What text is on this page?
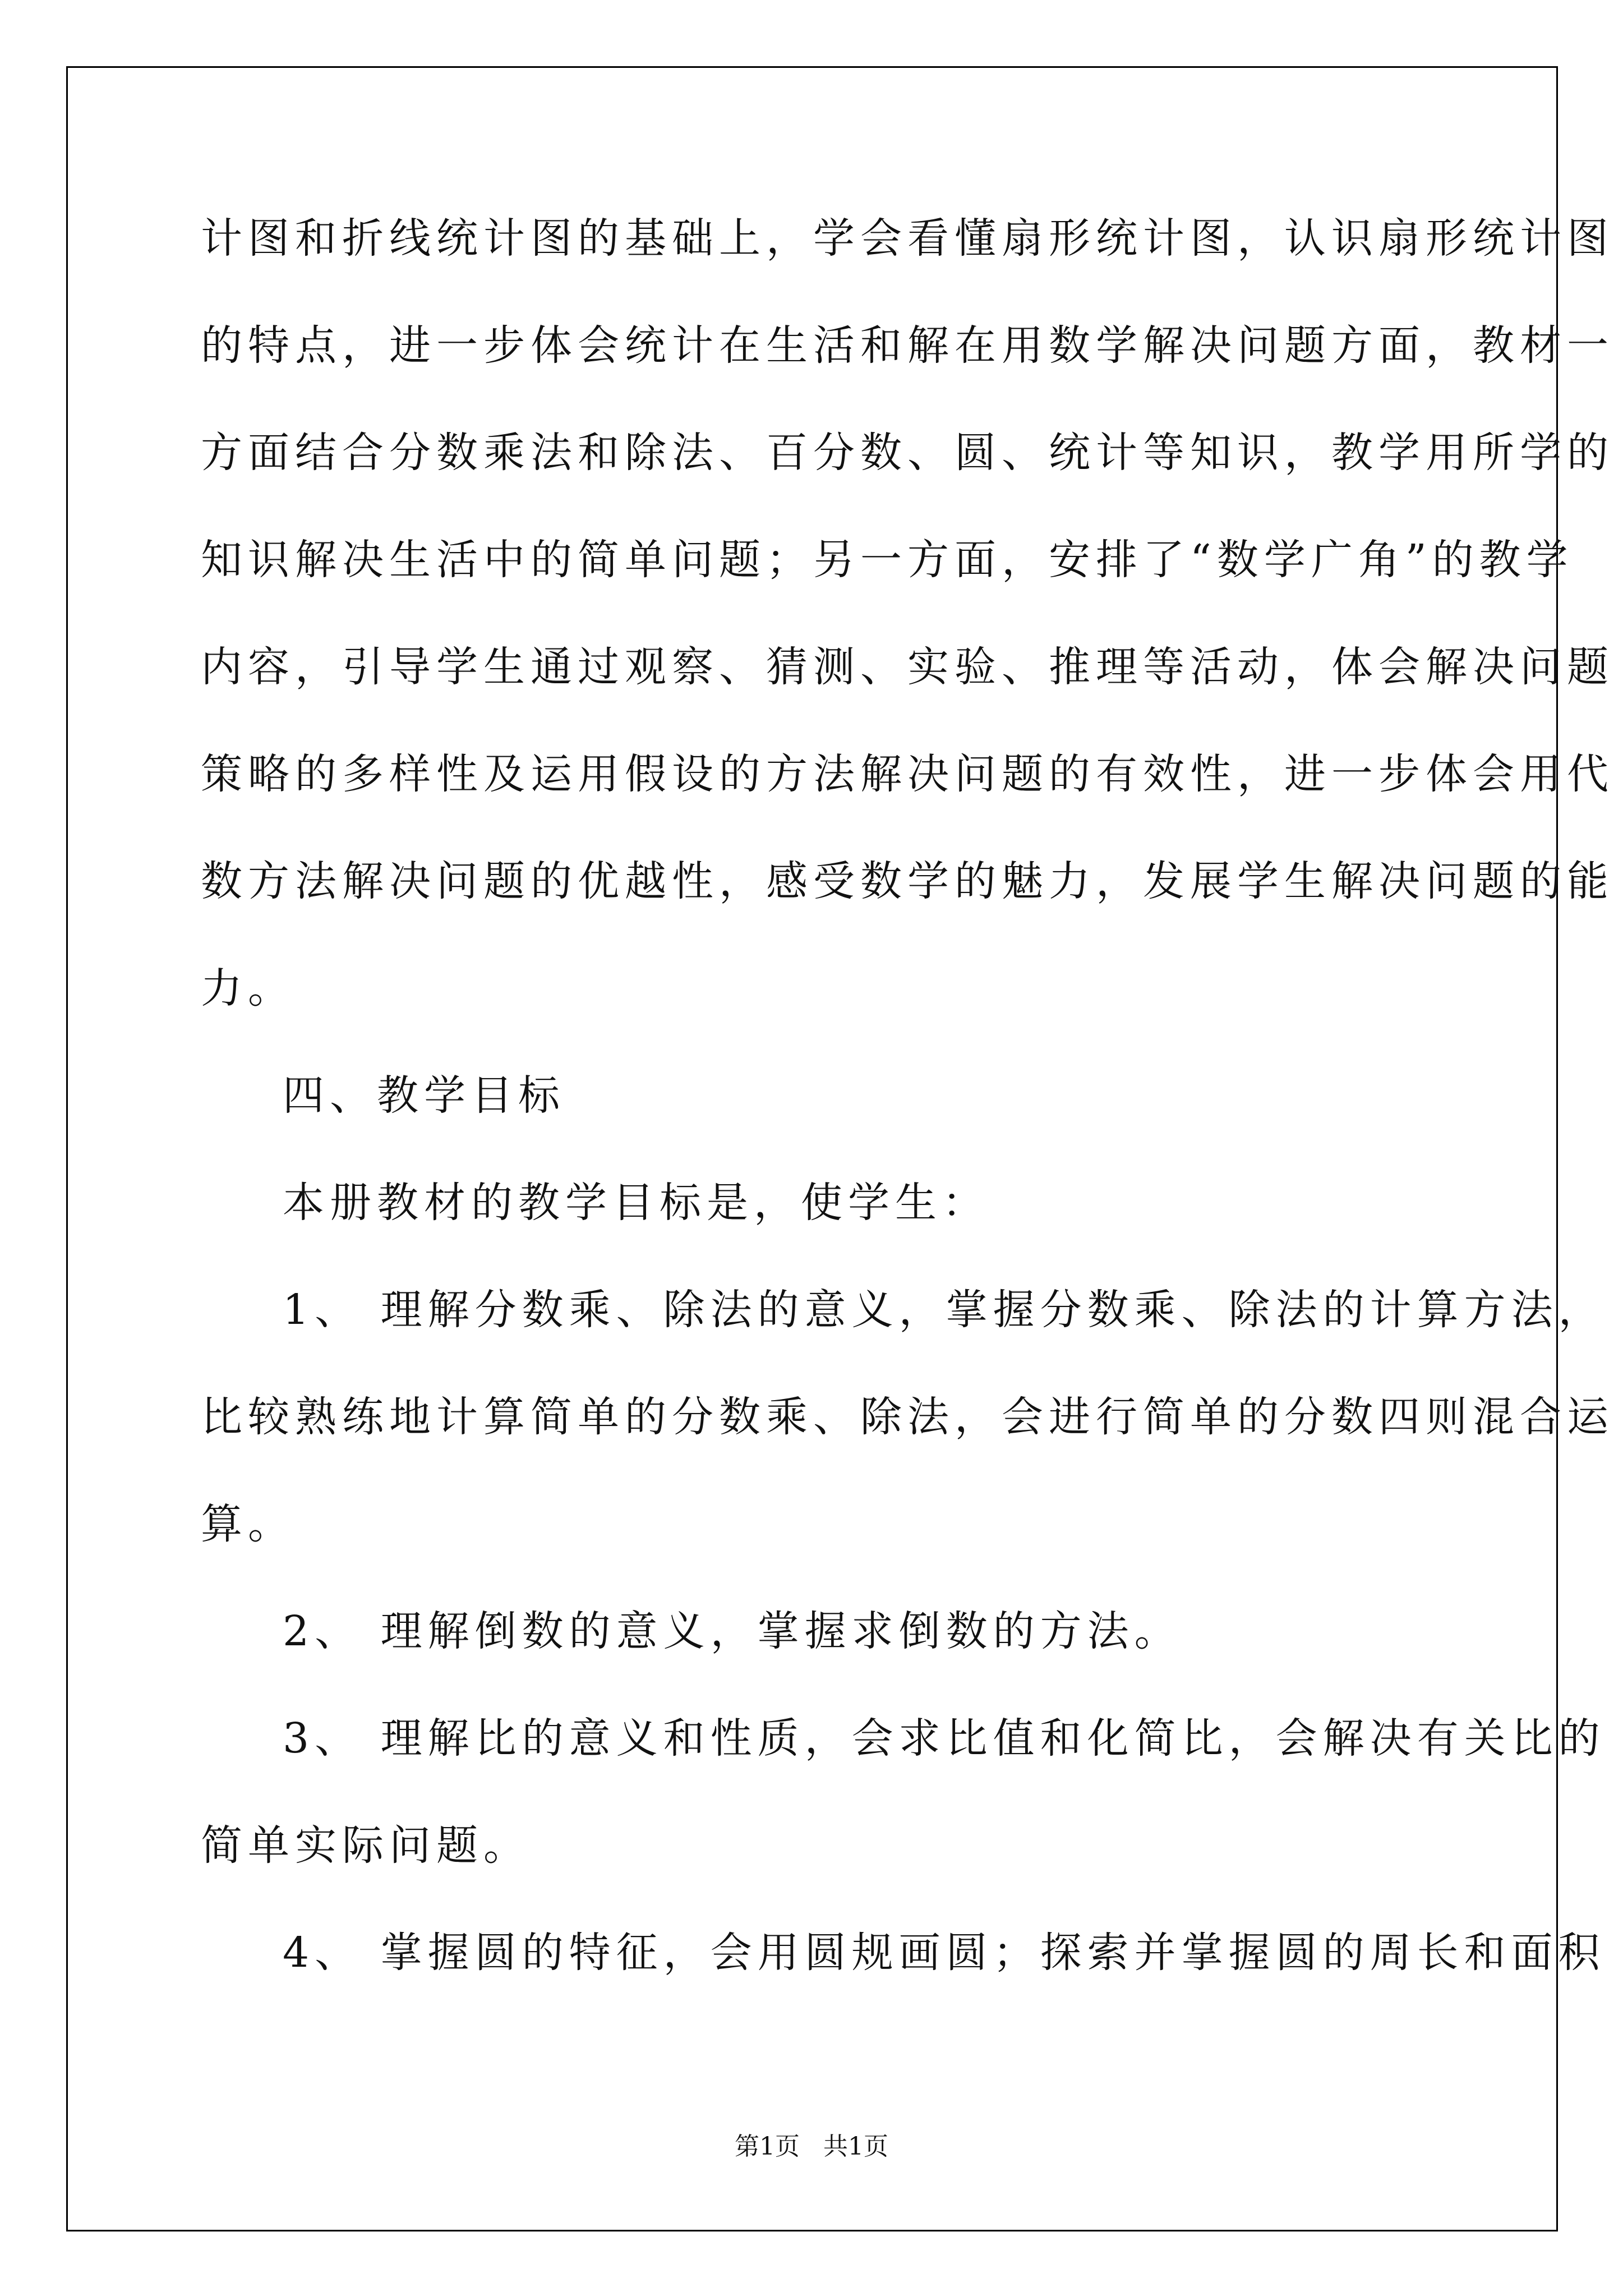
计图和折线统计图的基础上，学会看懂扇形统计图，认识扇形统计图
的特点，进一步体会统计在生活和解在用数学解决问题方面，教材一
方面结合分数乘法和除法、百分数、圆、统计等知识，教学用所学的
知识解决生活中的简单问题；另一方面，安排了“数学广角”的教学
内容，引导学生通过观察、猜测、实验、推理等活动，体会解决问题
策略的多样性及运用假设的方法解决问题的有效性，进一步体会用代
数方法解决问题的优越性，感受数学的魅力，发展学生解决问题的能
力。
四、教学目标
本册教材的教学目标是，使学生：
1、 理解分数乘、除法的意义，掌握分数乘、除法的计算方法，
比较熟练地计算简单的分数乘、除法，会进行简单的分数四则混合运
算。
2、 理解倒数的意义，掌握求倒数的方法。
3、 理解比的意义和性质，会求比值和化简比，会解决有关比的
简单实际问题。
4、 掌握圆的特征，会用圆规画圆；探索并掌握圆的周长和面积
第1页 共1页
